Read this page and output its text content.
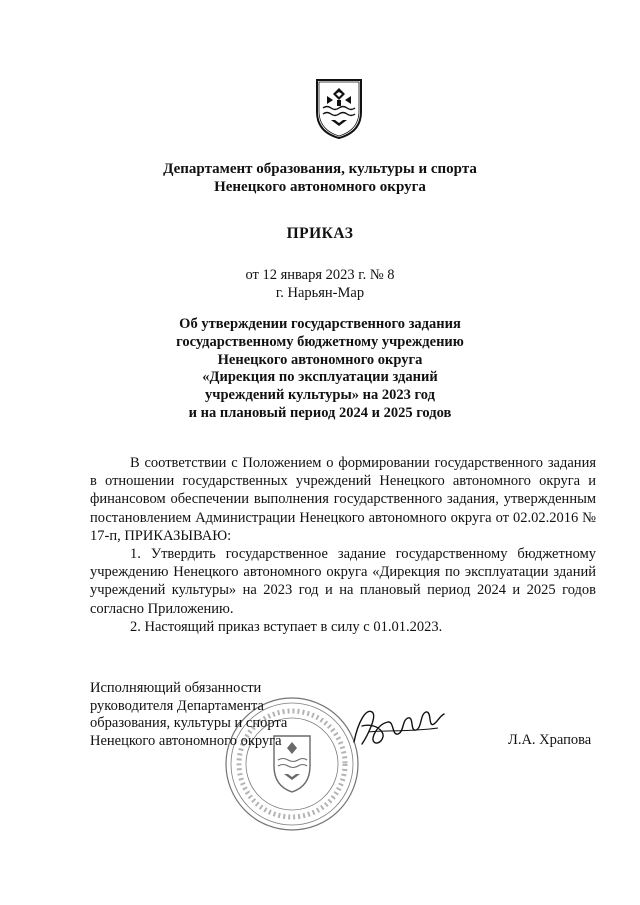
Департамент образования, культуры и спорта
Ненецкого автономного округа
ПРИКАЗ
от 12 января 2023 г. № 8
г. Нарьян-Мар
Об утверждении государственного задания
государственному бюджетному учреждению
Ненецкого автономного округа
«Дирекция по эксплуатации зданий
учреждений культуры» на 2023 год
и на плановый период 2024 и 2025 годов

В соответствии с Положением о формировании государственного задания в отношении государственных учреждений Ненецкого автономного округа и финансовом обеспечении выполнения государственного задания, утвержденным постановлением Администрации Ненецкого автономного округа от 02.02.2016 № 17-п, ПРИКАЗЫВАЮ:

1. Утвердить государственное задание государственному бюджетному учреждению Ненецкого автономного округа «Дирекция по эксплуатации зданий учреждений культуры» на 2023 год и на плановый период 2024 и 2025 годов согласно Приложению.

2. Настоящий приказ вступает в силу с 01.01.2023.

Исполняющий обязанности
руководителя Департамента
образования, культуры и спорта
Ненецкого автономного округа	Л.А. Храпова
